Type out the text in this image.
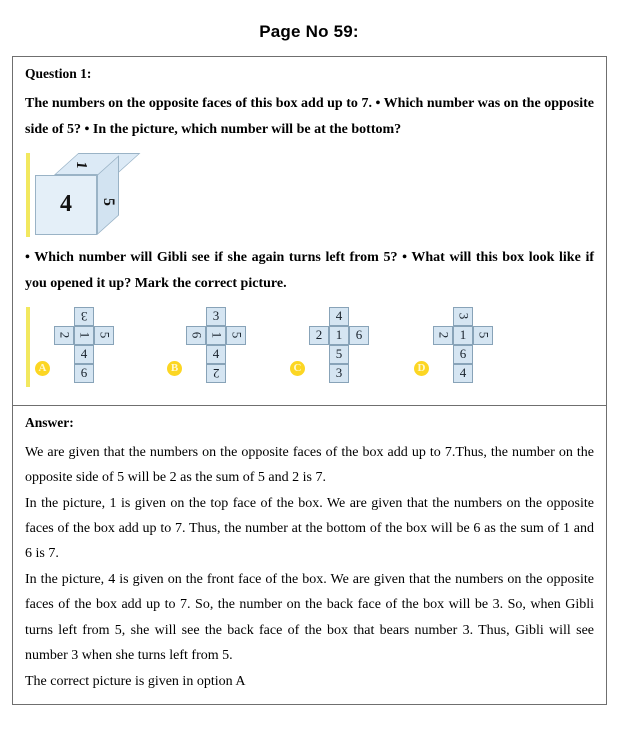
Page No 59:
Question 1:

The numbers on the opposite faces of this box add up to 7. • Which number was on the opposite side of 5? • In the picture, which number will be at the bottom?

1
4	5

• Which number will Gibli see if she again turns left from 5? • What will this box look like if you opened it up? Mark the correct picture.

A
3
2 1 5
4
6	B
3
6 1 5
4
2	C
4
2 1 6
5
3	D
3
2 1 5
6
4
Answer:

We are given that the numbers on the opposite faces of the box add up to 7.Thus, the number on the opposite side of 5 will be 2 as the sum of 5 and 2 is 7.

In the picture, 1 is given on the top face of the box. We are given that the numbers on the opposite faces of the box add up to 7. Thus, the number at the bottom of the box will be 6 as the sum of 1 and 6 is 7.

In the picture, 4 is given on the front face of the box. We are given that the numbers on the opposite faces of the box add up to 7. So, the number on the back face of the box will be 3. So, when Gibli turns left from 5, she will see the back face of the box that bears number 3. Thus, Gibli will see number 3 when she turns left from 5.

The correct picture is given in option A
